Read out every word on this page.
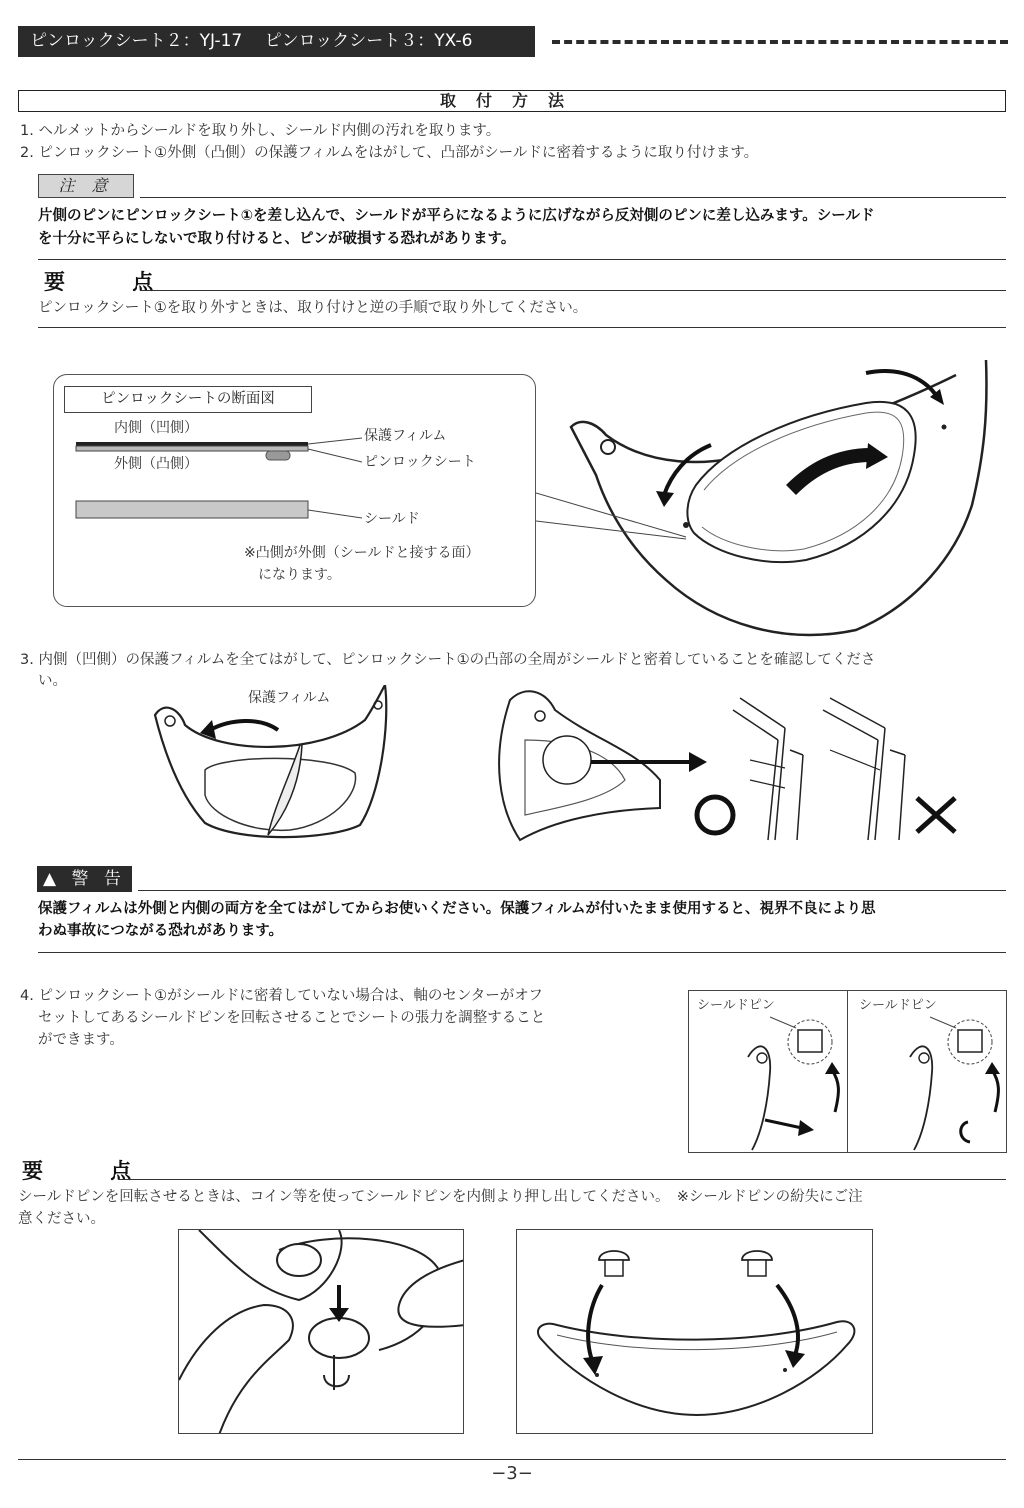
ピンロックシート２：YJ-17　 ピンロックシート３：YX-6
取付方法
1. ヘルメットからシールドを取り外し、シールド内側の汚れを取ります。
2. ピンロックシート①外側（凸側）の保護フィルムをはがして、凸部がシールドに密着するように取り付けます。
注 意
片側のピンにピンロックシート①を差し込んで、シールドが平らになるように広げながら反対側のピンに差し込みます。シールド
を十分に平らにしないで取り付けると、ピンが破損する恐れがあります。
要 点
ピンロックシート①を取り外すときは、取り付けと逆の手順で取り外してください。
ピンロックシートの断面図
内側（凹側）
外側（凸側）
保護フィルム
ピンロックシート
シールド
※凸側が外側（シールドと接する面）
になります。
3. 内側（凹側）の保護フィルムを全てはがして、ピンロックシート①の凸部の全周がシールドと密着していることを確認してくださ
い。
保護フィルム
▲ 警 告
保護フィルムは外側と内側の両方を全てはがしてからお使いください。保護フィルムが付いたまま使用すると、視界不良により思
わぬ事故につながる恐れがあります。
4. ピンロックシート①がシールドに密着していない場合は、軸のセンターがオフ
セットしてあるシールドピンを回転させることでシートの張力を調整すること
ができます。
シールドピン	シールドピン
要 点
シールドピンを回転させるときは、コイン等を使ってシールドピンを内側より押し出してください。　※シールドピンの紛失にご注
意ください。
−3−
